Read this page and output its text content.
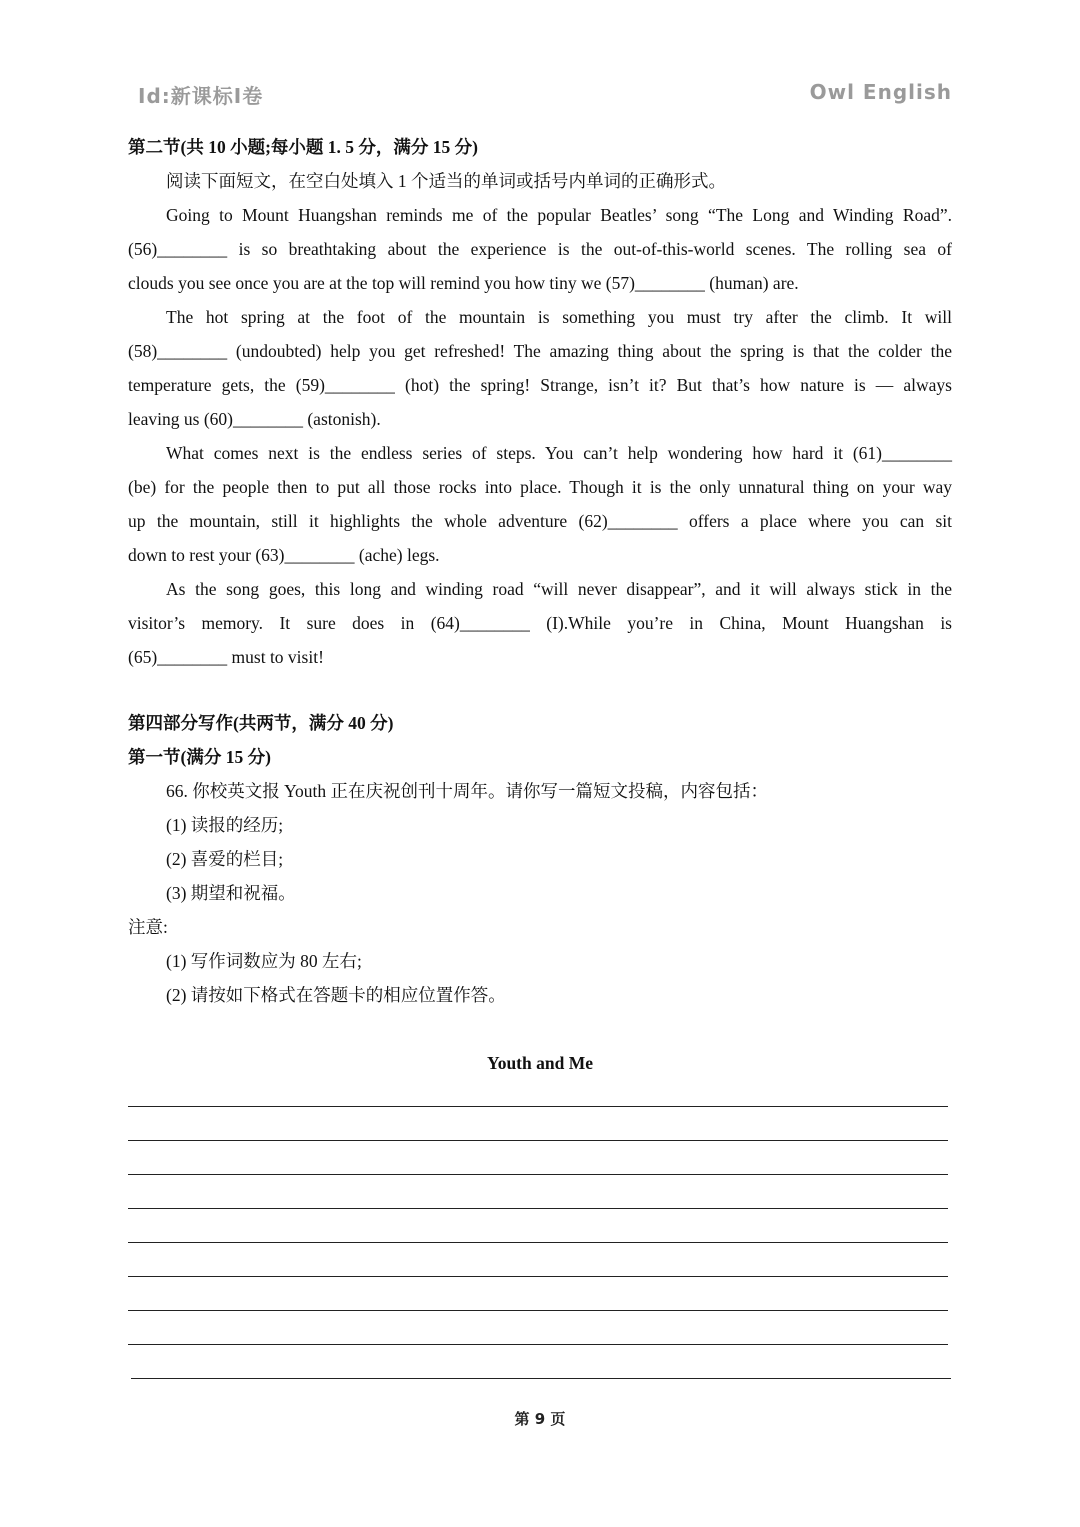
Id:新课标I卷	Owl English
第二节(共 10 小题;每小题 1. 5 分，满分 15 分)
阅读下面短文，在空白处填入 1 个适当的单词或括号内单词的正确形式。
Going to Mount Huangshan reminds me of the popular Beatles’ song “The Long and Winding Road”.
(56)________ is so breathtaking about the experience is the out-of-this-world scenes. The rolling sea of
clouds you see once you are at the top will remind you how tiny we (57)________ (human) are.
The hot spring at the foot of the mountain is something you must try after the climb. It will
(58)________ (undoubted) help you get refreshed! The amazing thing about the spring is that the colder the
temperature gets, the (59)________ (hot) the spring! Strange, isn’t it? But that’s how nature is — always
leaving us (60)________ (astonish).
What comes next is the endless series of steps. You can’t help wondering how hard it (61)________
(be) for the people then to put all those rocks into place. Though it is the only unnatural thing on your way
up the mountain, still it highlights the whole adventure (62)________ offers a place where you can sit
down to rest your (63)________ (ache) legs.
As the song goes, this long and winding road “will never disappear”, and it will always stick in the
visitor’s memory. It sure does in (64)________ (I).While you’re in China, Mount Huangshan is
(65)________ must to visit!
第四部分写作(共两节，满分 40 分)
第一节(满分 15 分)
66. 你校英文报 Youth 正在庆祝创刊十周年。请你写一篇短文投稿，内容包括：
(1) 读报的经历;
(2) 喜爱的栏目;
(3) 期望和祝福。
注意:
(1) 写作词数应为 80 左右;
(2) 请按如下格式在答题卡的相应位置作答。
Youth and Me
第 9 页
